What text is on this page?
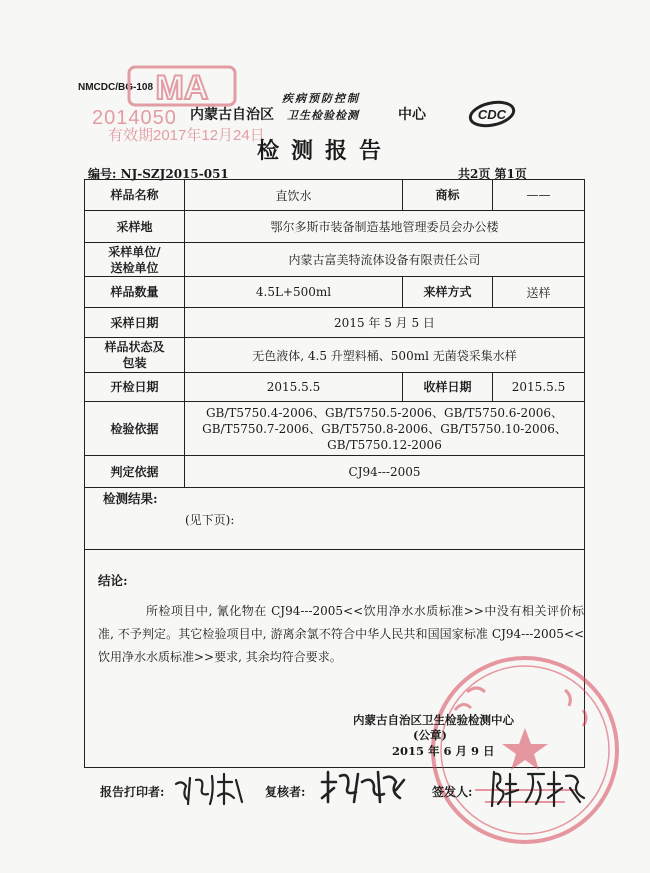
NMCDC/BG-108 MA
2014050
有效期2017年12月24日
疾病预防控制
内蒙古自治区 卫生检验检测	中心	CDC
检测报告
编号: NJ-SZJ2015-051	共2页 第1页
样品名称	直饮水	商标	——
采样地	鄂尔多斯市装备制造基地管理委员会办公楼		
采样单位/
送检单位	内蒙古富美特流体设备有限责任公司		
样品数量	4.5L+500ml	来样方式	送样
采样日期	2015 年 5 月 5 日		
样品状态及
包装	无色液体, 4.5 升塑料桶、500ml 无菌袋采集水样		
开检日期	2015.5.5	收样日期	2015.5.5
检验依据	GB/T5750.4-2006、GB/T5750.5-2006、GB/T5750.6-2006、
GB/T5750.7-2006、GB/T5750.8-2006、GB/T5750.10-2006、
GB/T5750.12-2006		

判定依据	CJ94---2005		

检测结果:
(见下页):
结论:
所检项目中, 氰化物在 CJ94---2005<<饮用净水水质标准>>中没有相关评价标准, 不予判定。其它检验项目中, 游离余氯不符合中华人民共和国国家标准 CJ94---2005<<饮用净水水质标准>>要求, 其余均符合要求。
内蒙古自治区卫生检验检测中心
(公章)
2015 年 6 月 9 日
报告打印者:	复核者:	签发人:
